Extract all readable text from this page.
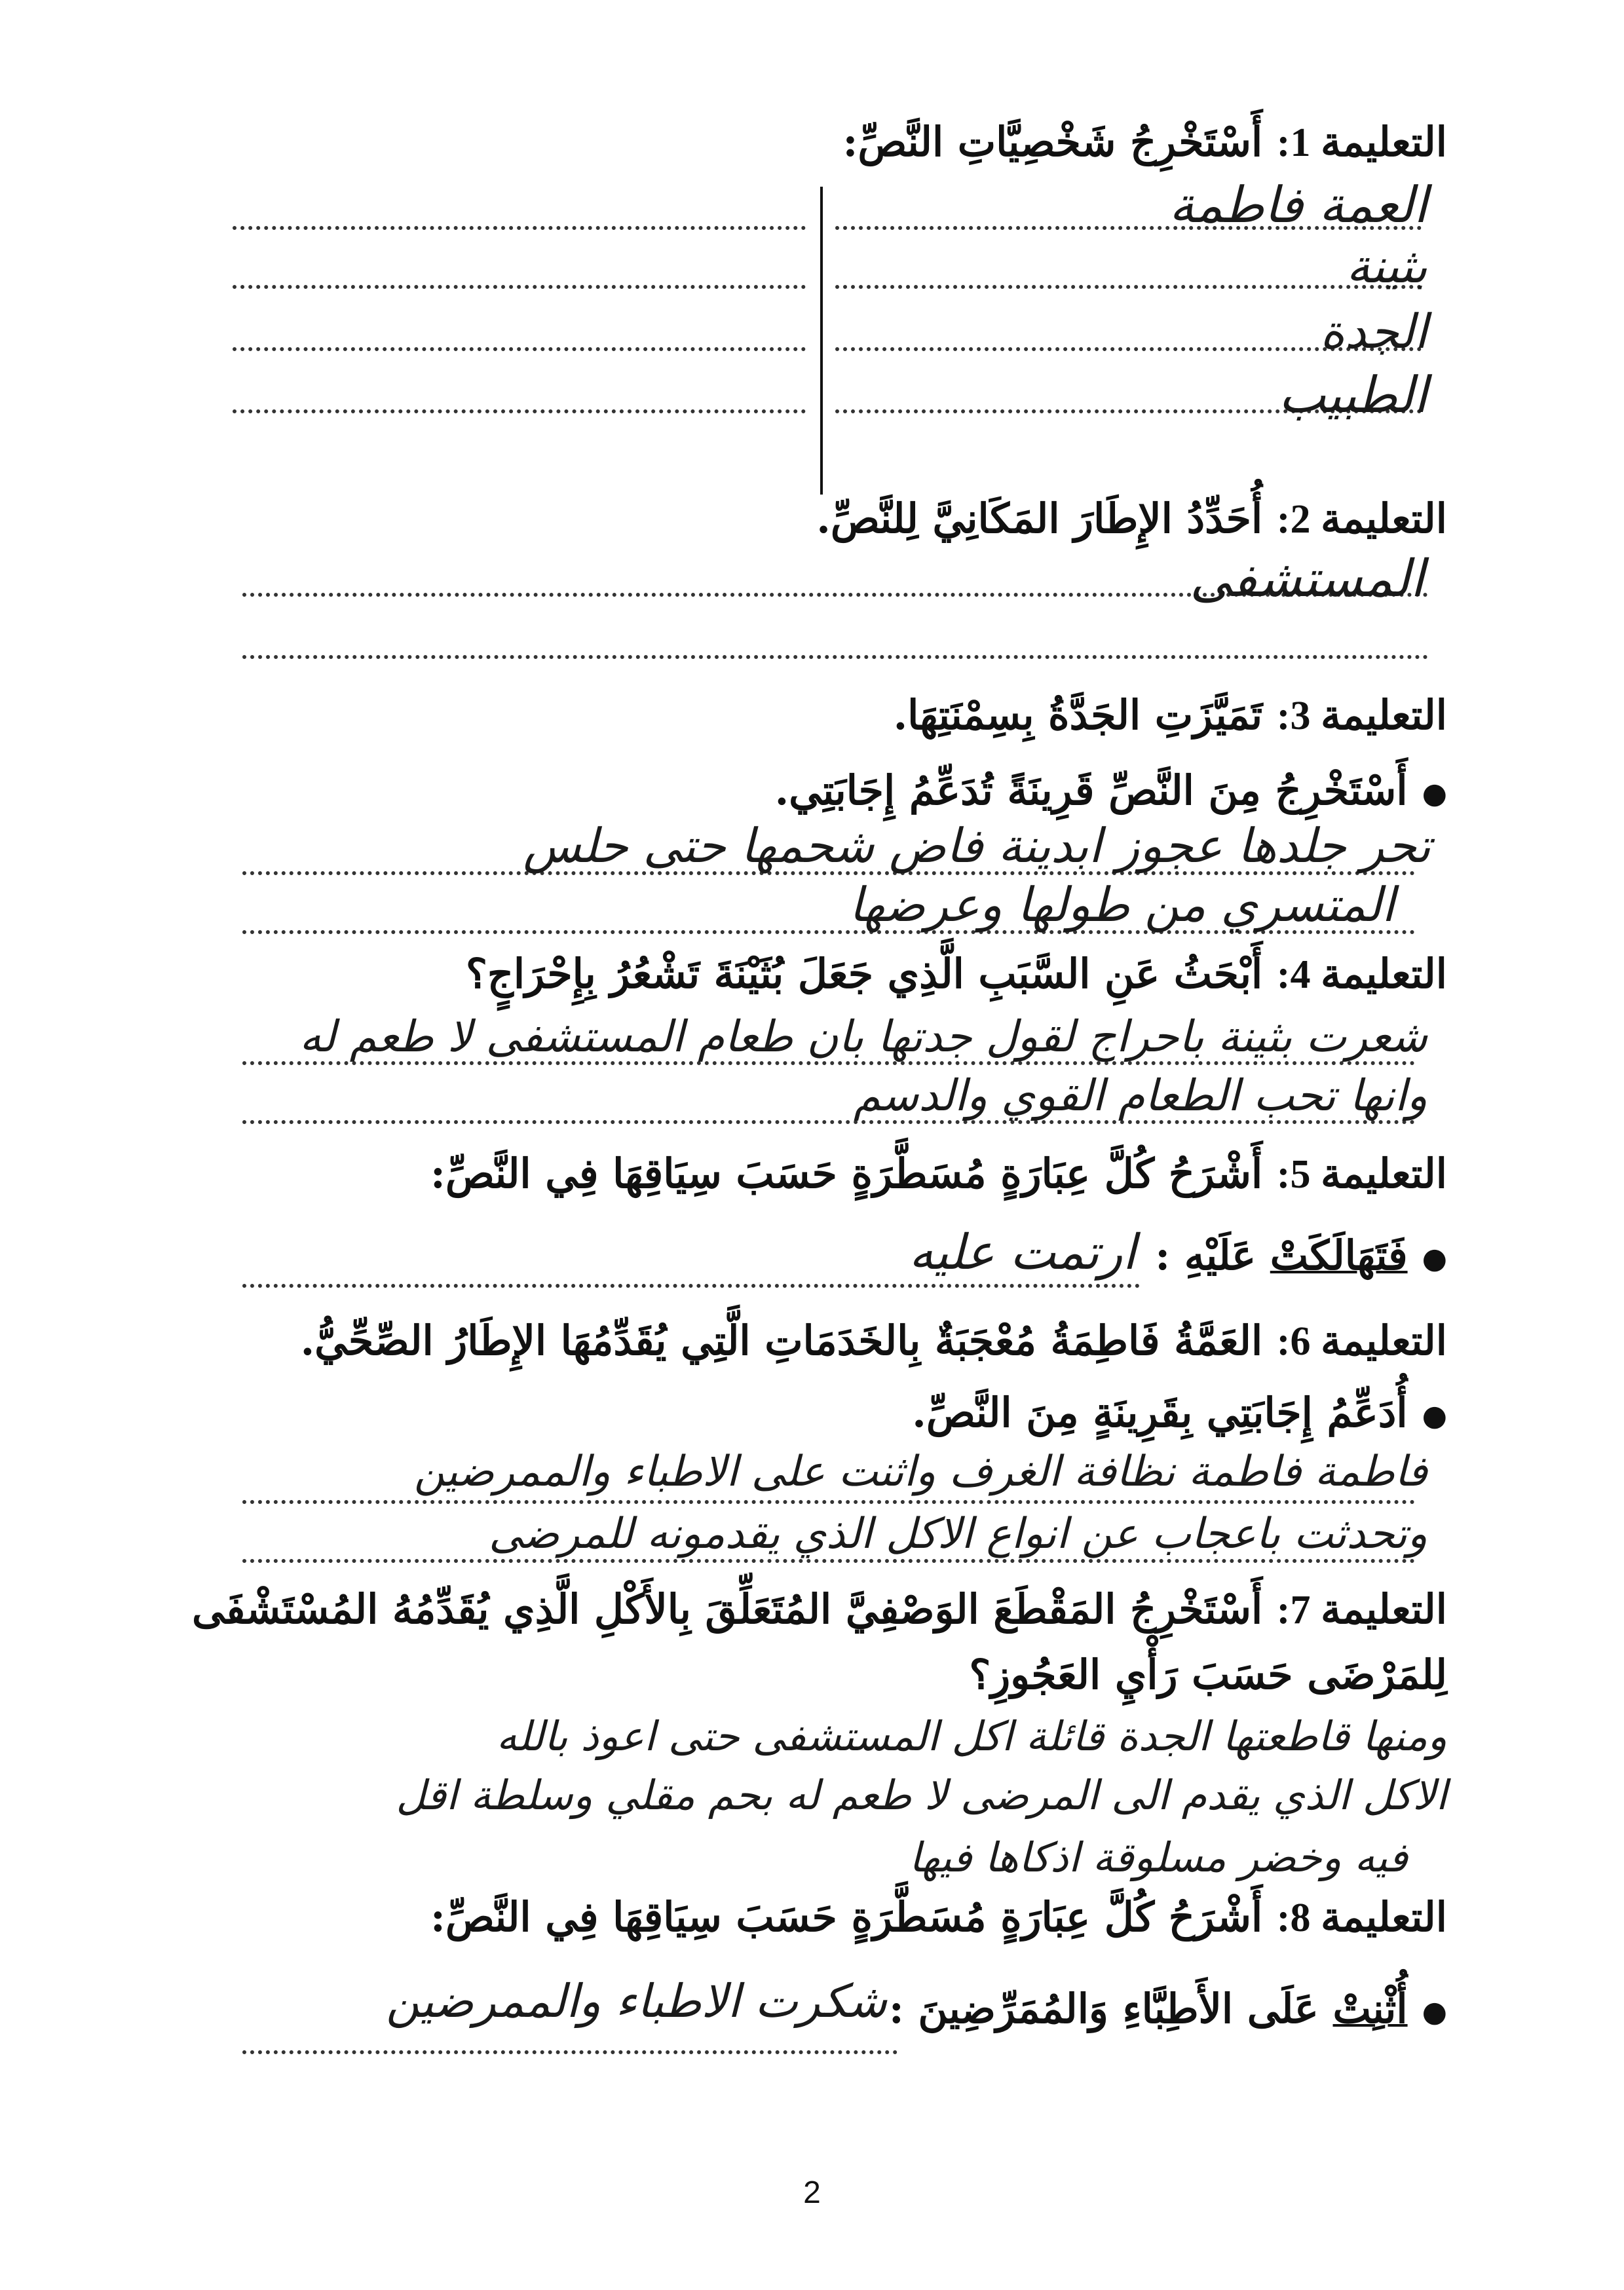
التعليمة 1: أَسْتَخْرِجُ شَخْصِيَّاتِ النَّصِّ:
العمة فاطمة
بثينة
الجدة
الطبيب
التعليمة 2: أُحَدِّدُ الإِطَارَ المَكَانِيَّ لِلنَّصِّ.
المستشفى
التعليمة 3: تَمَيَّزَتِ الجَدَّةُ بِسِمْنَتِهَا.
●أَسْتَخْرِجُ مِنَ النَّصِّ قَرِينَةً تُدَعِّمُ إِجَابَتِي.
تحر جلدها عجوز ابدينة فاض شحمها حتى حلس
المتسري من طولها وعرضها
التعليمة 4: أَبْحَثُ عَنِ السَّبَبِ الَّذِي جَعَلَ بُثَيْنَةَ تَشْعُرُ بِإِحْرَاجٍ؟
شعرت بثينة باحراج لقول جدتها بان طعام المستشفى لا طعم له
وانها تحب الطعام القوي والدسم
التعليمة 5: أَشْرَحُ كُلَّ عِبَارَةٍ مُسَطَّرَةٍ حَسَبَ سِيَاقِهَا فِي النَّصِّ:
●فَتَهَالَكَتْ عَلَيْهِ :
ارتمت عليه
التعليمة 6: العَمَّةُ فَاطِمَةُ مُعْجَبَةٌ بِالخَدَمَاتِ الَّتِي يُقَدِّمُهَا الإِطَارُ الصِّحِّيُّ.
●أُدَعِّمُ إِجَابَتِي بِقَرِينَةٍ مِنَ النَّصِّ.
فاطمة فاطمة نظافة الغرف واثنت على الاطباء والممرضين
وتحدثت باعجاب عن انواع الاكل الذي يقدمونه للمرضى
التعليمة 7: أَسْتَخْرِجُ المَقْطَعَ الوَصْفِيَّ المُتَعَلِّقَ بِالأَكْلِ الَّذِي يُقَدِّمُهُ المُسْتَشْفَى
لِلمَرْضَى حَسَبَ رَأْيِ العَجُوزِ؟
ومنها قاطعتها الجدة قائلة اكل المستشفى حتى اعوذ بالله
الاكل الذي يقدم الى المرضى لا طعم له بحم مقلي وسلطة اقل
فيه وخضر مسلوقة اذكاها فيها
التعليمة 8: أَشْرَحُ كُلَّ عِبَارَةٍ مُسَطَّرَةٍ حَسَبَ سِيَاقِهَا فِي النَّصِّ:
●أُثْنِتْ عَلَى الأَطِبَّاءِ وَالمُمَرِّضِينَ :
شكرت الاطباء والممرضين
2
